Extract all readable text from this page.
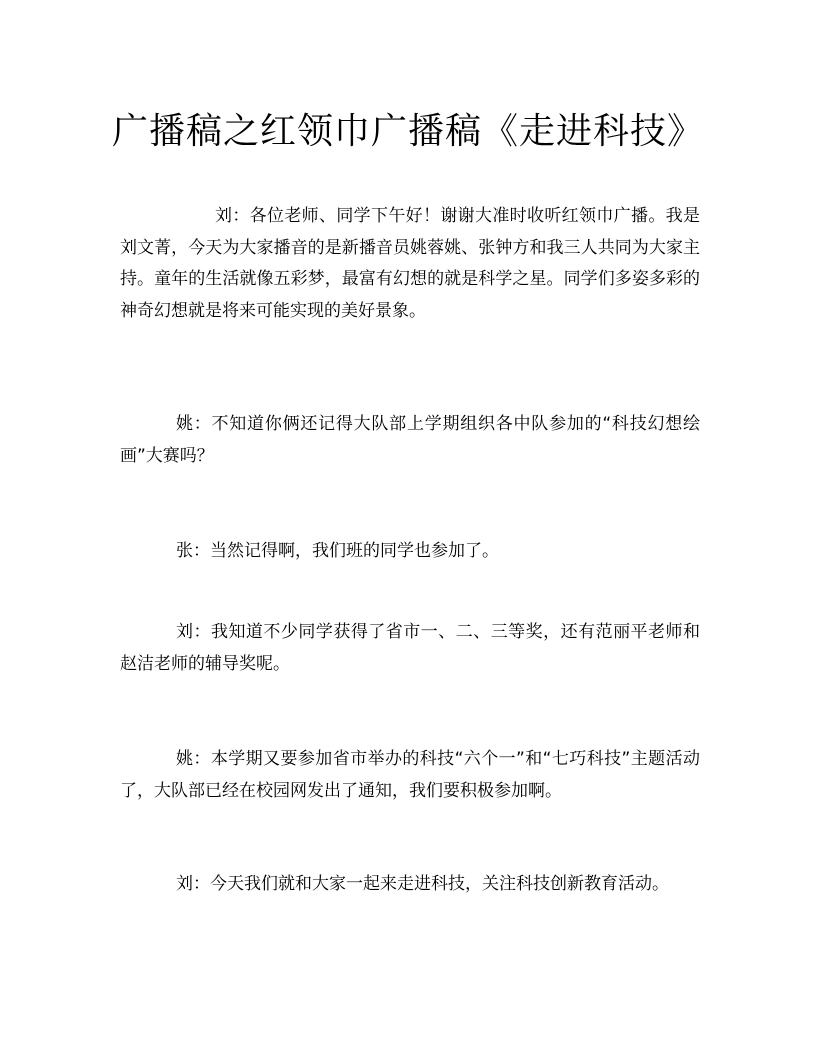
广播稿之红领巾广播稿《走进科技》

刘：各位老师、同学下午好！谢谢大准时收听红领巾广播。我是刘文菁，今天为大家播音的是新播音员姚蓉姚、张钟方和我三人共同为大家主持。童年的生活就像五彩梦，最富有幻想的就是科学之星。同学们多姿多彩的神奇幻想就是将来可能实现的美好景象。

姚：不知道你俩还记得大队部上学期组织各中队参加的“科技幻想绘画”大赛吗？

张：当然记得啊，我们班的同学也参加了。

刘：我知道不少同学获得了省市一、二、三等奖，还有范丽平老师和赵洁老师的辅导奖呢。

姚：本学期又要参加省市举办的科技“六个一”和“七巧科技”主题活动了，大队部已经在校园网发出了通知，我们要积极参加啊。

刘：今天我们就和大家一起来走进科技，关注科技创新教育活动。
